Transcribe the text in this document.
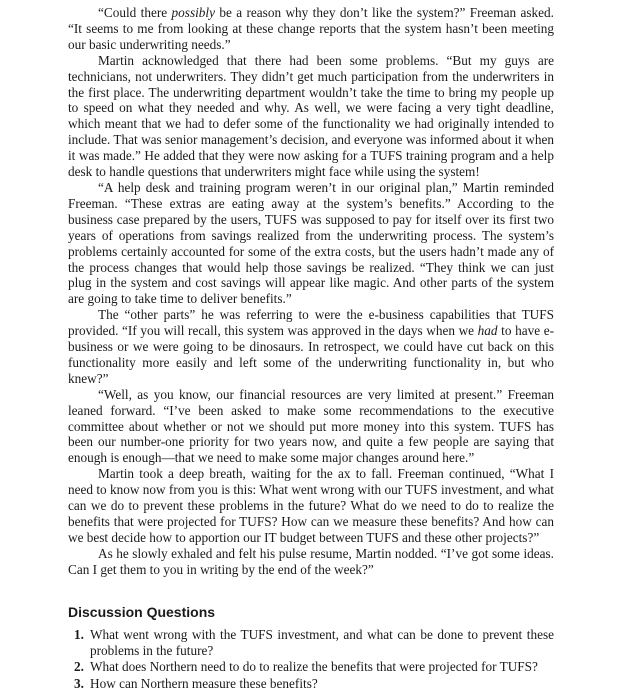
“Could there possibly be a reason why they don’t like the system?” Freeman asked. “It seems to me from looking at these change reports that the system hasn’t been meeting our basic underwriting needs.”

Martin acknowledged that there had been some problems. “But my guys are technicians, not underwriters. They didn’t get much participation from the underwriters in the first place. The underwriting department wouldn’t take the time to bring my people up to speed on what they needed and why. As well, we were facing a very tight deadline, which meant that we had to defer some of the functionality we had originally intended to include. That was senior management’s decision, and everyone was informed about it when it was made.” He added that they were now asking for a TUFS training program and a help desk to handle questions that underwriters might face while using the system!

“A help desk and training program weren’t in our original plan,” Martin reminded Freeman. “These extras are eating away at the system’s benefits.” According to the business case prepared by the users, TUFS was supposed to pay for itself over its first two years of operations from savings realized from the underwriting process. The system’s problems certainly accounted for some of the extra costs, but the users hadn’t made any of the process changes that would help those savings be realized. “They think we can just plug in the system and cost savings will appear like magic. And other parts of the system are going to take time to deliver benefits.”

The “other parts” he was referring to were the e-business capabilities that TUFS provided. “If you will recall, this system was approved in the days when we had to have e-business or we were going to be dinosaurs. In retrospect, we could have cut back on this functionality more easily and left some of the underwriting functionality in, but who knew?”

“Well, as you know, our financial resources are very limited at present.” Freeman leaned forward. “I’ve been asked to make some recommendations to the executive committee about whether or not we should put more money into this system. TUFS has been our number-one priority for two years now, and quite a few people are saying that enough is enough—that we need to make some major changes around here.”

Martin took a deep breath, waiting for the ax to fall. Freeman continued, “What I need to know now from you is this: What went wrong with our TUFS investment, and what can we do to prevent these problems in the future? What do we need to do to realize the benefits that were projected for TUFS? How can we measure these benefits? And how can we best decide how to apportion our IT budget between TUFS and these other projects?”

As he slowly exhaled and felt his pulse resume, Martin nodded. “I’ve got some ideas. Can I get them to you in writing by the end of the week?”

Discussion Questions
1. What went wrong with the TUFS investment, and what can be done to prevent these problems in the future?
2. What does Northern need to do to realize the benefits that were projected for TUFS?
3. How can Northern measure these benefits?
